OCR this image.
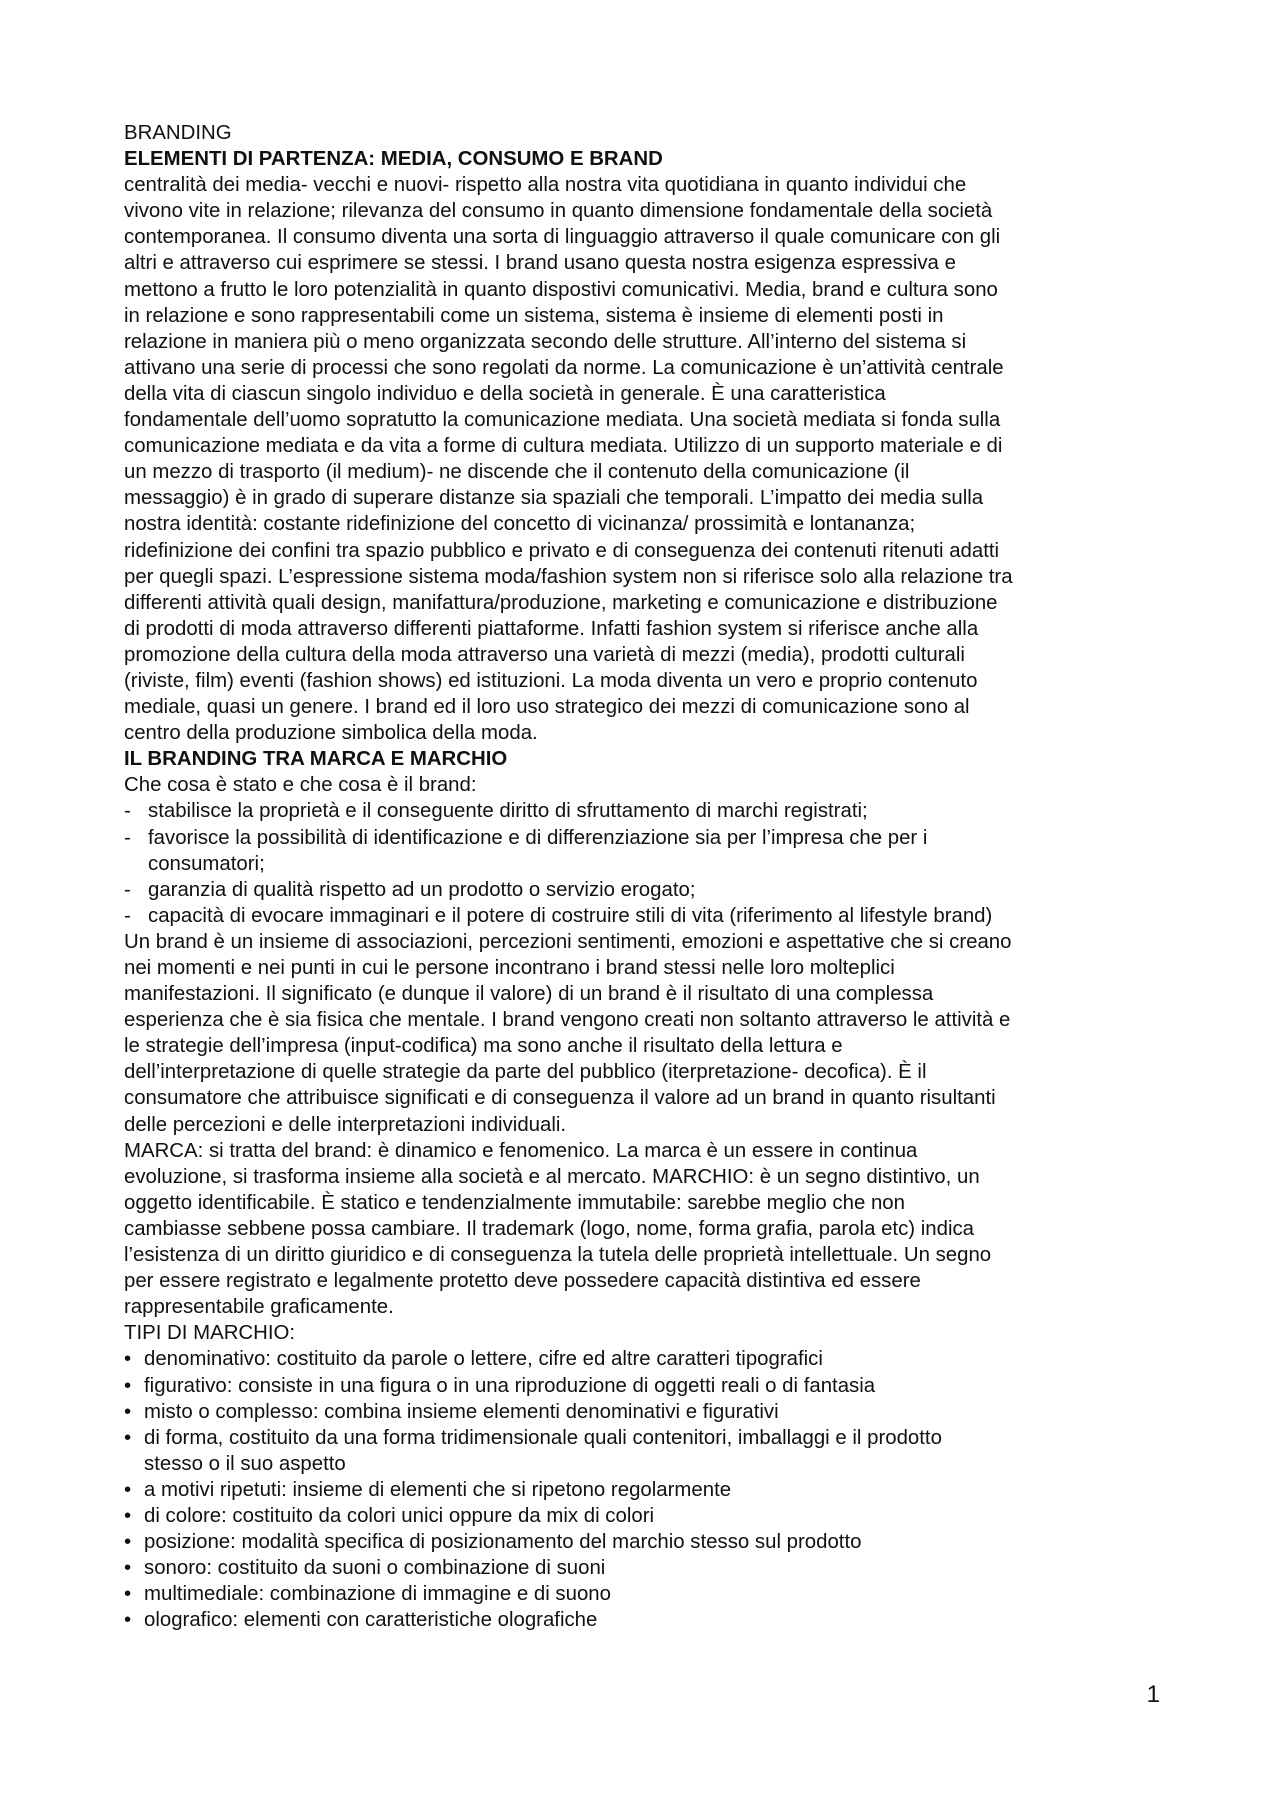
BRANDING
ELEMENTI DI PARTENZA: MEDIA, CONSUMO E BRAND
centralità dei media- vecchi e nuovi- rispetto alla nostra vita quotidiana in quanto individui che
vivono vite in relazione; rilevanza del consumo in quanto dimensione fondamentale della società
contemporanea. Il consumo diventa una sorta di linguaggio attraverso il quale comunicare con gli
altri e attraverso cui esprimere se stessi. I brand usano questa nostra esigenza espressiva e
mettono a frutto le loro potenzialità in quanto dispostivi comunicativi. Media, brand e cultura sono
in relazione e sono rappresentabili come un sistema, sistema è insieme di elementi posti in
relazione in maniera più o meno organizzata secondo delle strutture. All’interno del sistema si
attivano una serie di processi che sono regolati da norme. La comunicazione è un’attività centrale
della vita di ciascun singolo individuo e della società in generale. È una caratteristica
fondamentale dell’uomo sopratutto la comunicazione mediata. Una società mediata si fonda sulla
comunicazione mediata e da vita a forme di cultura mediata. Utilizzo di un supporto materiale e di
un mezzo di trasporto (il medium)- ne discende che il contenuto della comunicazione (il
messaggio) è in grado di superare distanze sia spaziali che temporali. L’impatto dei media sulla
nostra identità: costante ridefinizione del concetto di vicinanza/ prossimità e lontananza;
ridefinizione dei confini tra spazio pubblico e privato e di conseguenza dei contenuti ritenuti adatti
per quegli spazi. L’espressione sistema moda/fashion system non si riferisce solo alla relazione tra
differenti attività quali design, manifattura/produzione, marketing e comunicazione e distribuzione
di prodotti di moda attraverso differenti piattaforme. Infatti fashion system si riferisce anche alla
promozione della cultura della moda attraverso una varietà di mezzi (media), prodotti culturali
(riviste, film) eventi (fashion shows) ed istituzioni. La moda diventa un vero e proprio contenuto
mediale, quasi un genere. I brand ed il loro uso strategico dei mezzi di comunicazione sono al
centro della produzione simbolica della moda.
IL BRANDING TRA MARCA E MARCHIO
Che cosa è stato e che cosa è il brand:
- stabilisce la proprietà e il conseguente diritto di sfruttamento di marchi registrati;
- favorisce la possibilità di identificazione e di differenziazione sia per l’impresa che per i
consumatori;
- garanzia di qualità rispetto ad un prodotto o servizio erogato;
- capacità di evocare immaginari e il potere di costruire stili di vita (riferimento al lifestyle brand)
Un brand è un insieme di associazioni, percezioni sentimenti, emozioni e aspettative che si creano
nei momenti e nei punti in cui le persone incontrano i brand stessi nelle loro molteplici
manifestazioni. Il significato (e dunque il valore) di un brand è il risultato di una complessa
esperienza che è sia fisica che mentale. I brand vengono creati non soltanto attraverso le attività e
le strategie dell’impresa (input-codifica) ma sono anche il risultato della lettura e
dell’interpretazione di quelle strategie da parte del pubblico (iterpretazione- decofica). È il
consumatore che attribuisce significati e di conseguenza il valore ad un brand in quanto risultanti
delle percezioni e delle interpretazioni individuali.
MARCA: si tratta del brand: è dinamico e fenomenico. La marca è un essere in continua
evoluzione, si trasforma insieme alla società e al mercato. MARCHIO: è un segno distintivo, un
oggetto identificabile. È statico e tendenzialmente immutabile: sarebbe meglio che non
cambiasse sebbene possa cambiare. Il trademark (logo, nome, forma grafia, parola etc) indica
l’esistenza di un diritto giuridico e di conseguenza la tutela delle proprietà intellettuale. Un segno
per essere registrato e legalmente protetto deve possedere capacità distintiva ed essere
rappresentabile graficamente.
TIPI DI MARCHIO:
• denominativo: costituito da parole o lettere, cifre ed altre caratteri tipografici
• figurativo: consiste in una figura o in una riproduzione di oggetti reali o di fantasia
• misto o complesso: combina insieme elementi denominativi e figurativi
• di forma, costituito da una forma tridimensionale quali contenitori, imballaggi e il prodotto
stesso o il suo aspetto
• a motivi ripetuti: insieme di elementi che si ripetono regolarmente
• di colore: costituito da colori unici oppure da mix di colori
• posizione: modalità specifica di posizionamento del marchio stesso sul prodotto
• sonoro: costituito da suoni o combinazione di suoni
• multimediale: combinazione di immagine e di suono
• olografico: elementi con caratteristiche olografiche
1
